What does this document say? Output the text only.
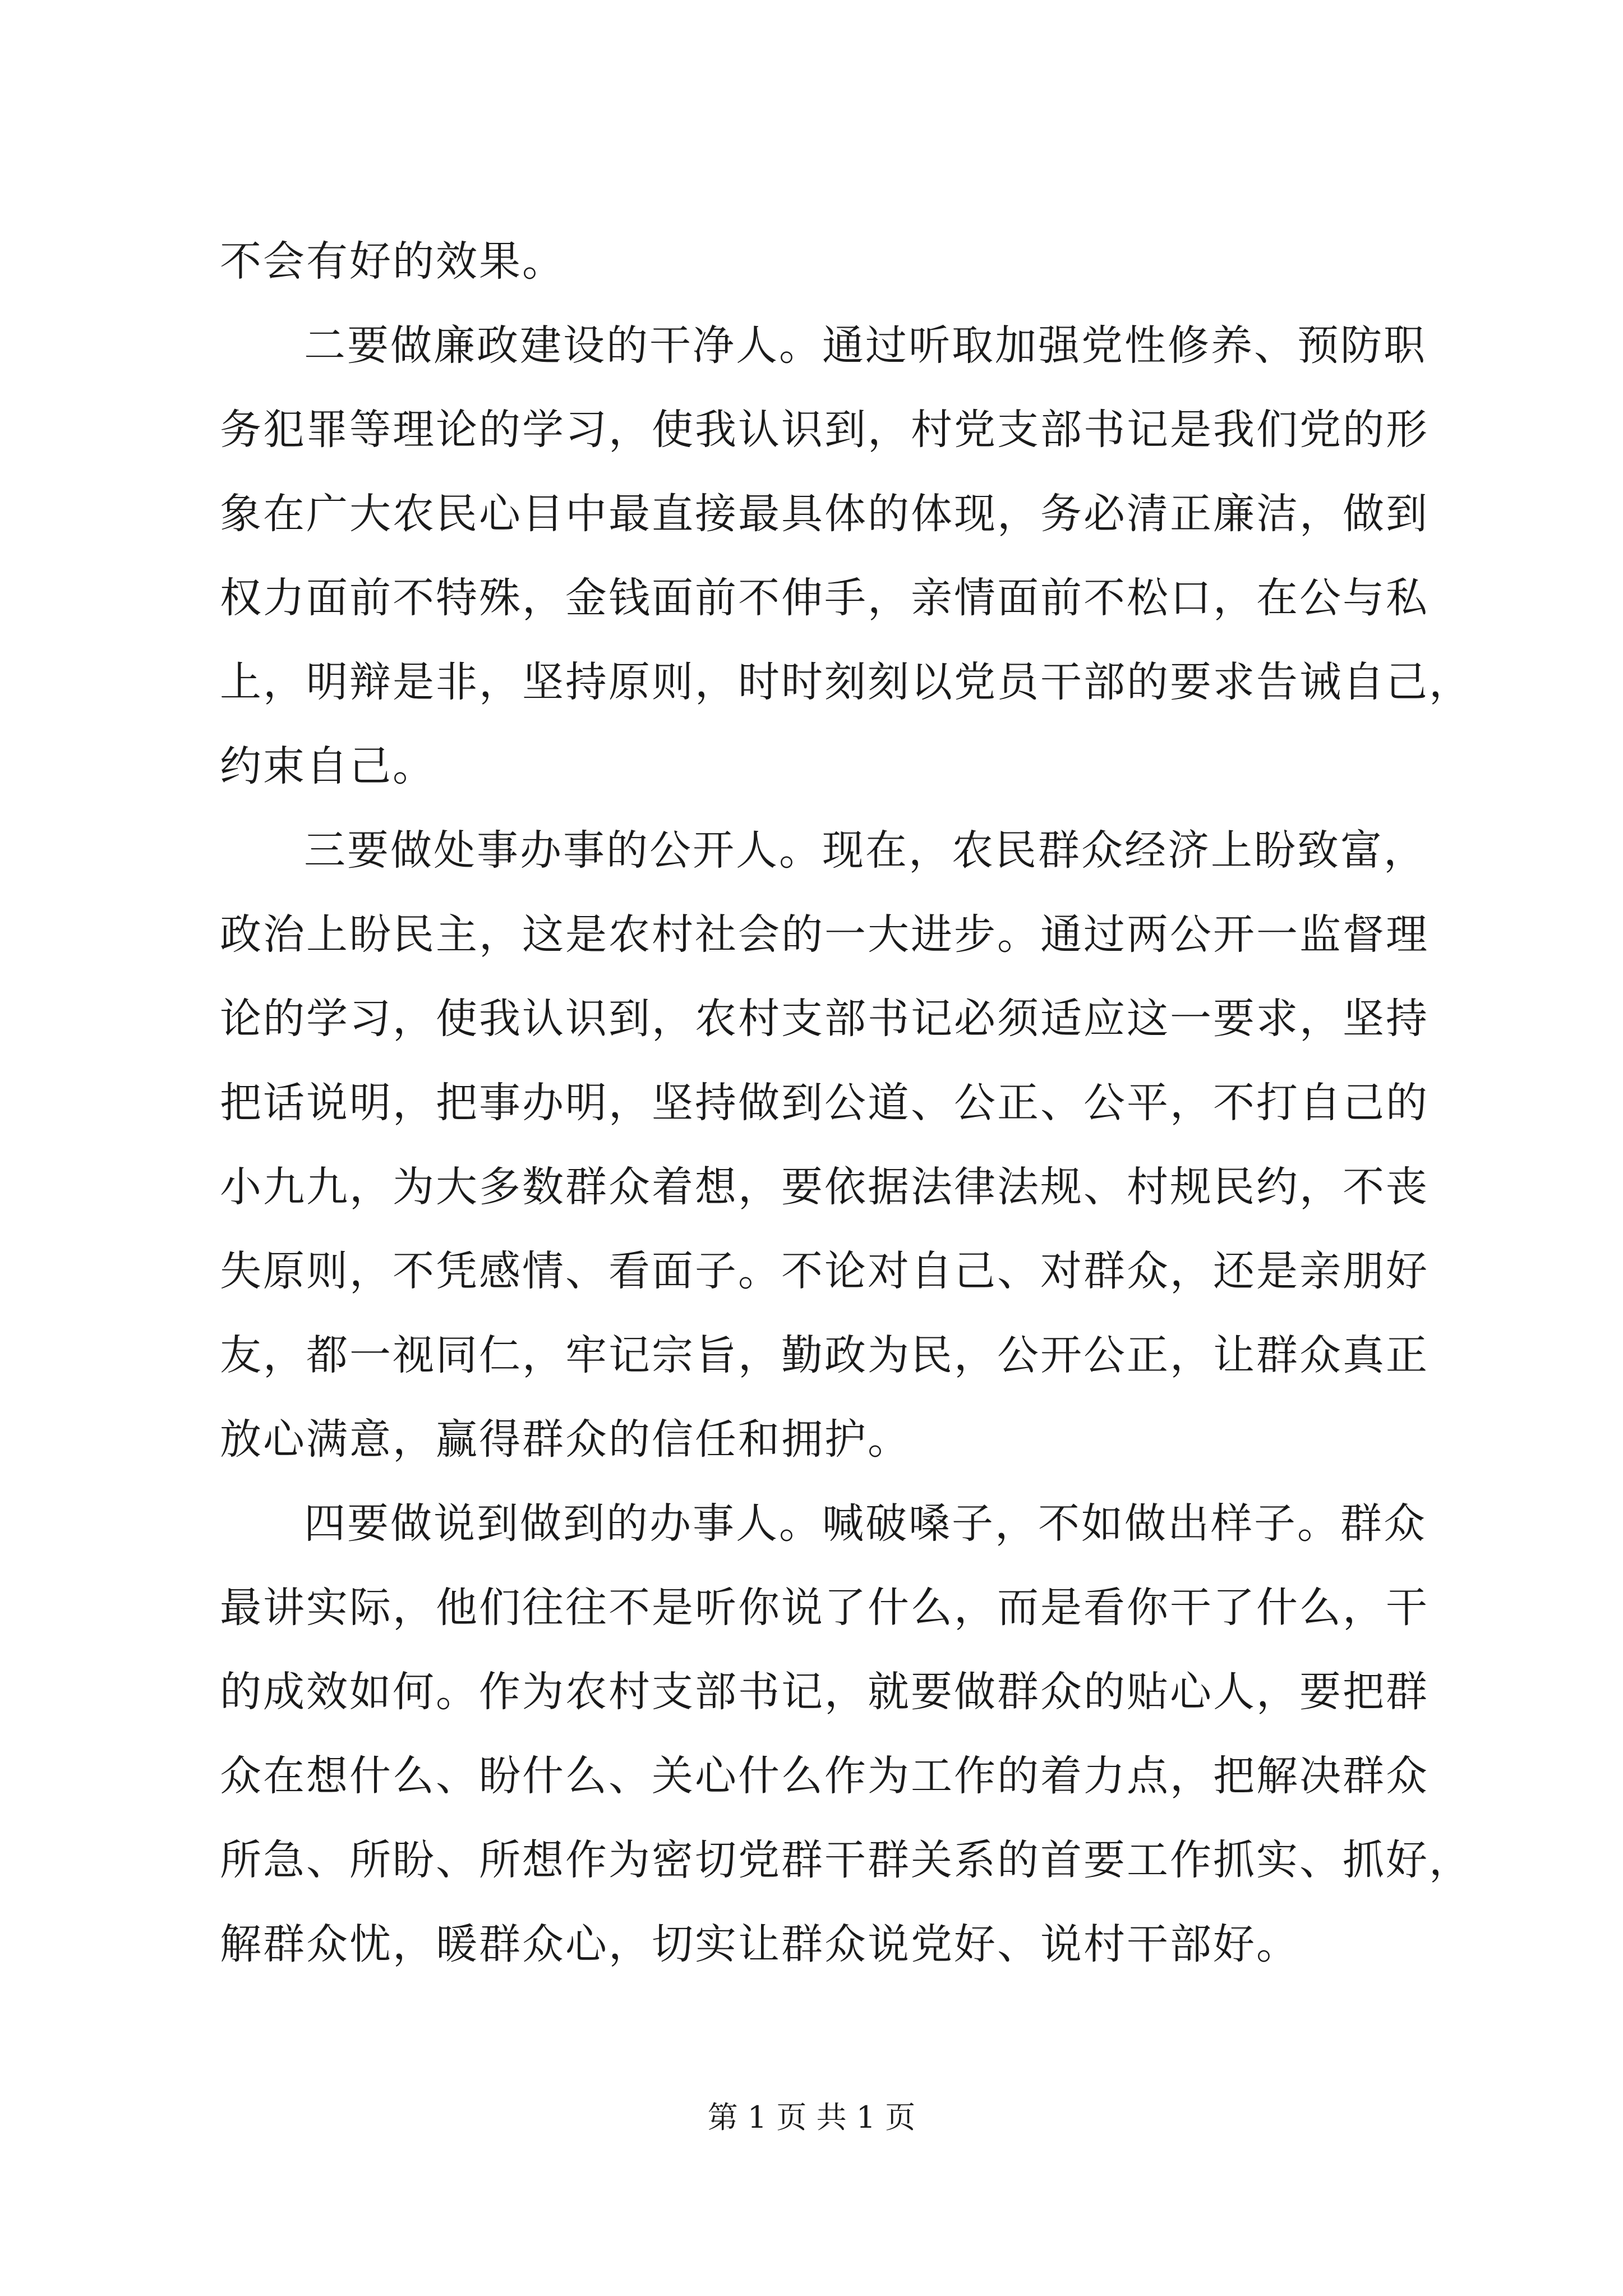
不会有好的效果。
二要做廉政建设的干净人。通过听取加强党性修养、预防职
务犯罪等理论的学习，使我认识到，村党支部书记是我们党的形
象在广大农民心目中最直接最具体的体现，务必清正廉洁，做到
权力面前不特殊，金钱面前不伸手，亲情面前不松口，在公与私
上，明辩是非，坚持原则，时时刻刻以党员干部的要求告诫自己，
约束自己。
三要做处事办事的公开人。现在，农民群众经济上盼致富，
政治上盼民主，这是农村社会的一大进步。通过两公开一监督理
论的学习，使我认识到，农村支部书记必须适应这一要求，坚持
把话说明，把事办明，坚持做到公道、公正、公平，不打自己的
小九九，为大多数群众着想，要依据法律法规、村规民约，不丧
失原则，不凭感情、看面子。不论对自己、对群众，还是亲朋好
友，都一视同仁，牢记宗旨，勤政为民，公开公正，让群众真正
放心满意，赢得群众的信任和拥护。
四要做说到做到的办事人。喊破嗓子，不如做出样子。群众
最讲实际，他们往往不是听你说了什么，而是看你干了什么，干
的成效如何。作为农村支部书记，就要做群众的贴心人，要把群
众在想什么、盼什么、关心什么作为工作的着力点，把解决群众
所急、所盼、所想作为密切党群干群关系的首要工作抓实、抓好，
解群众忧，暖群众心，切实让群众说党好、说村干部好。
第 1 页 共 1 页
